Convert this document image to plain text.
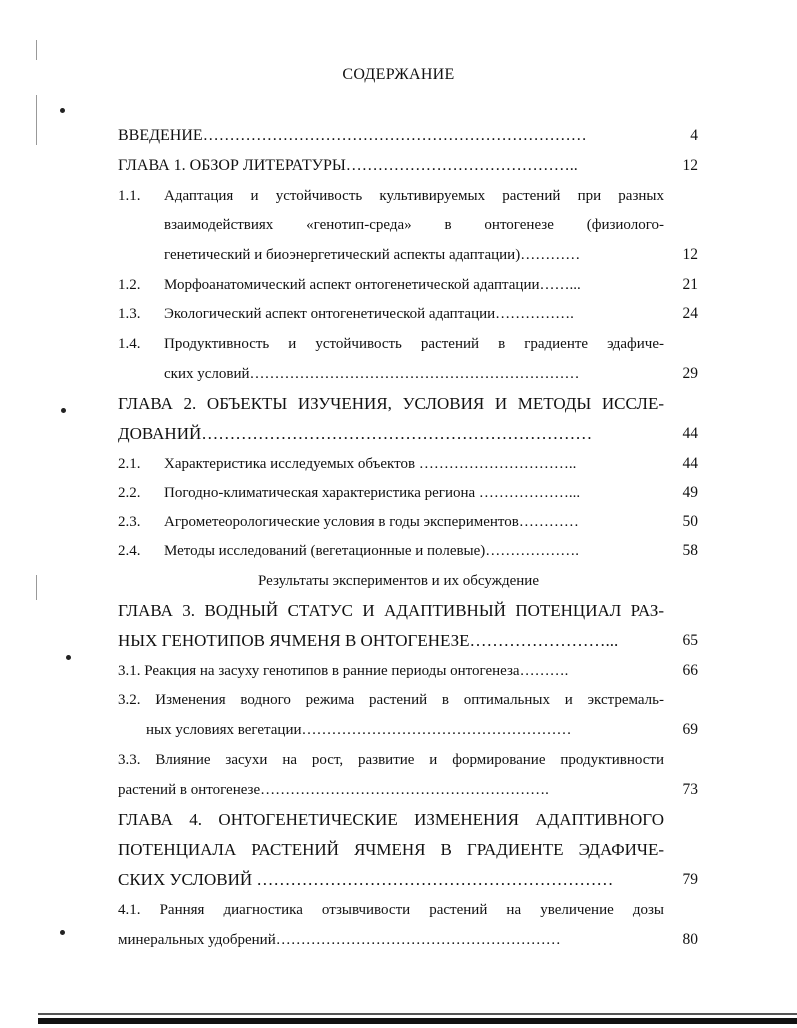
СОДЕРЖАНИЕ
ВВЕДЕНИЕ………………………………………………………………	4
ГЛАВА 1. ОБЗОР ЛИТЕРАТУРЫ……………………………………..	12
1.1. Адаптация и устойчивость культивируемых растений при разных
взаимодействиях «генотип-среда» в онтогенезе (физиолого-
генетический и биоэнергетический аспекты адаптации)…………	12
1.2. Морфоанатомический аспект онтогенетической адаптации……...	21
1.3. Экологический аспект онтогенетической адаптации…………….	24
1.4. Продуктивность и устойчивость растений в градиенте эдафиче-
ских условий…………………………………………………………	29
ГЛАВА 2. ОБЪЕКТЫ ИЗУЧЕНИЯ, УСЛОВИЯ И МЕТОДЫ ИССЛЕ-
ДОВАНИЙ……………………………………………………………	44
2.1. Характеристика исследуемых объектов …………………………..	44
2.2. Погодно-климатическая характеристика региона ………………...	49
2.3. Агрометеорологические условия в годы экспериментов…………	50
2.4. Методы исследований (вегетационные и полевые)……………….	58
Результаты экспериментов и их обсуждение
ГЛАВА 3. ВОДНЫЙ СТАТУС И АДАПТИВНЫЙ ПОТЕНЦИАЛ РАЗ-
НЫХ ГЕНОТИПОВ ЯЧМЕНЯ В ОНТОГЕНЕЗЕ……………………...	65
3.1. Реакция на засуху генотипов в ранние периоды онтогенеза……….	66
3.2. Изменения водного режима растений в оптимальных и экстремаль-
ных условиях вегетации………………………………………………	69
3.3. Влияние засухи на рост, развитие и формирование продуктивности
растений в онтогенезе………………………………………………….	73
ГЛАВА 4. ОНТОГЕНЕТИЧЕСКИЕ ИЗМЕНЕНИЯ АДАПТИВНОГО
ПОТЕНЦИАЛА РАСТЕНИЙ ЯЧМЕНЯ В ГРАДИЕНТЕ ЭДАФИЧЕ-
СКИХ УСЛОВИЙ ………………………………………………………	79
4.1. Ранняя диагностика отзывчивости растений на увеличение дозы
минеральных удобрений…………………………………………………	80
